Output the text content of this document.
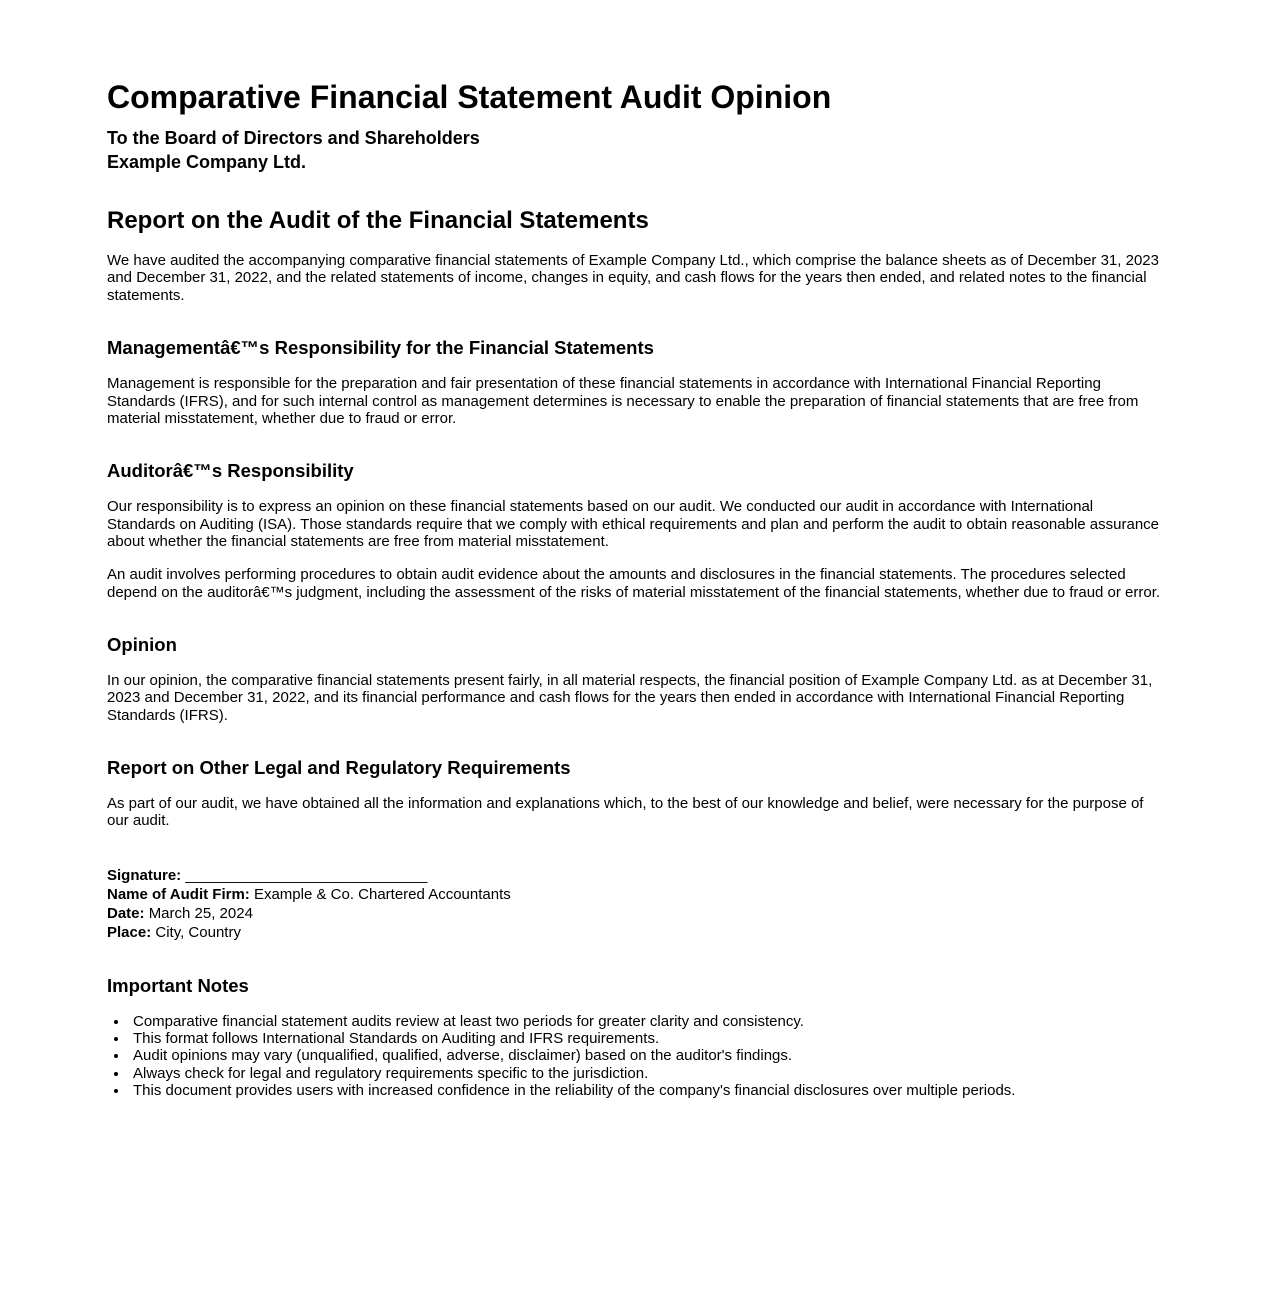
Comparative Financial Statement Audit Opinion
To the Board of Directors and Shareholders
Example Company Ltd.
Report on the Audit of the Financial Statements

We have audited the accompanying comparative financial statements of Example Company Ltd., which comprise the balance sheets as of December 31, 2023 and December 31, 2022, and the related statements of income, changes in equity, and cash flows for the years then ended, and related notes to the financial statements.

Managementâ€™s Responsibility for the Financial Statements

Management is responsible for the preparation and fair presentation of these financial statements in accordance with International Financial Reporting Standards (IFRS), and for such internal control as management determines is necessary to enable the preparation of financial statements that are free from material misstatement, whether due to fraud or error.

Auditorâ€™s Responsibility

Our responsibility is to express an opinion on these financial statements based on our audit. We conducted our audit in accordance with International Standards on Auditing (ISA). Those standards require that we comply with ethical requirements and plan and perform the audit to obtain reasonable assurance about whether the financial statements are free from material misstatement.

An audit involves performing procedures to obtain audit evidence about the amounts and disclosures in the financial statements. The procedures selected depend on the auditorâ€™s judgment, including the assessment of the risks of material misstatement of the financial statements, whether due to fraud or error.

Opinion

In our opinion, the comparative financial statements present fairly, in all material respects, the financial position of Example Company Ltd. as at December 31, 2023 and December 31, 2022, and its financial performance and cash flows for the years then ended in accordance with International Financial Reporting Standards (IFRS).

Report on Other Legal and Regulatory Requirements

As part of our audit, we have obtained all the information and explanations which, to the best of our knowledge and belief, were necessary for the purpose of our audit.

Signature: _____________________________
Name of Audit Firm: Example & Co. Chartered Accountants
Date: March 25, 2024
Place: City, Country
Important Notes
• Comparative financial statement audits review at least two periods for greater clarity and consistency.
• This format follows International Standards on Auditing and IFRS requirements.
• Audit opinions may vary (unqualified, qualified, adverse, disclaimer) based on the auditor's findings.
• Always check for legal and regulatory requirements specific to the jurisdiction.
• This document provides users with increased confidence in the reliability of the company's financial disclosures over multiple periods.
